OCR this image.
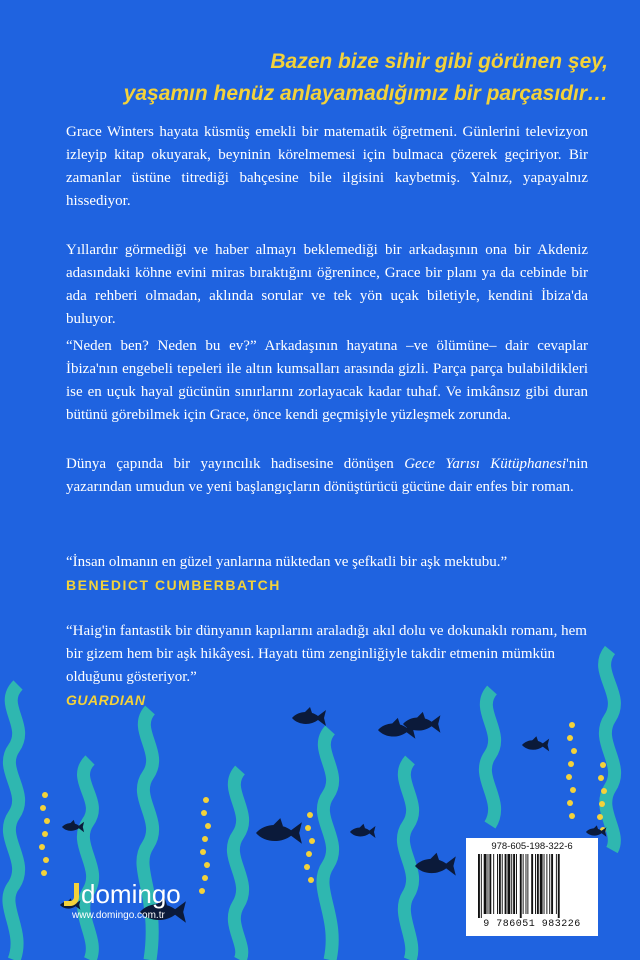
Bazen bize sihir gibi görünen şey,
yaşamın henüz anlayamadığımız bir parçasıdır…
Grace Winters hayata küsmüş emekli bir matematik öğretmeni. Günlerini televizyon izleyip kitap okuyarak, beyninin körelmemesi için bulmaca çözerek geçiriyor. Bir zamanlar üstüne titrediği bahçesine bile ilgisini kaybetmiş. Yalnız, yapayalnız hissediyor.
Yıllardır görmediği ve haber almayı beklemediği bir arkadaşının ona bir Akdeniz adasındaki köhne evini miras bıraktığını öğrenince, Grace bir planı ya da cebinde bir ada rehberi olmadan, aklında sorular ve tek yön uçak biletiyle, kendini İbiza'da buluyor.
“Neden ben? Neden bu ev?” Arkadaşının hayatına –ve ölümüne– dair cevaplar İbiza'nın engebeli tepeleri ile altın kumsalları arasında gizli. Parça parça bulabildikleri ise en uçuk hayal gücünün sınırlarını zorlayacak kadar tuhaf. Ve imkânsız gibi duran bütünü görebilmek için Grace, önce kendi geçmişiyle yüzleşmek zorunda.
Dünya çapında bir yayıncılık hadisesine dönüşen Gece Yarısı Kütüphanesi'nin yazarından umudun ve yeni başlangıçların dönüştürücü gücüne dair enfes bir roman.
“İnsan olmanın en güzel yanlarına nüktedan ve şefkatli bir aşk mektubu.”
BENEDICT CUMBERBATCH
“Haig'in fantastik bir dünyanın kapılarını araladığı akıl dolu ve dokunaklı romanı, hem bir gizem hem bir aşk hikâyesi. Hayatı tüm zenginliğiyle takdir etmenin mümkün olduğunu gösteriyor.”
GUARDIAN
domingo
www.domingo.com.tr
978-605-198-322-6
9 786051 983226
